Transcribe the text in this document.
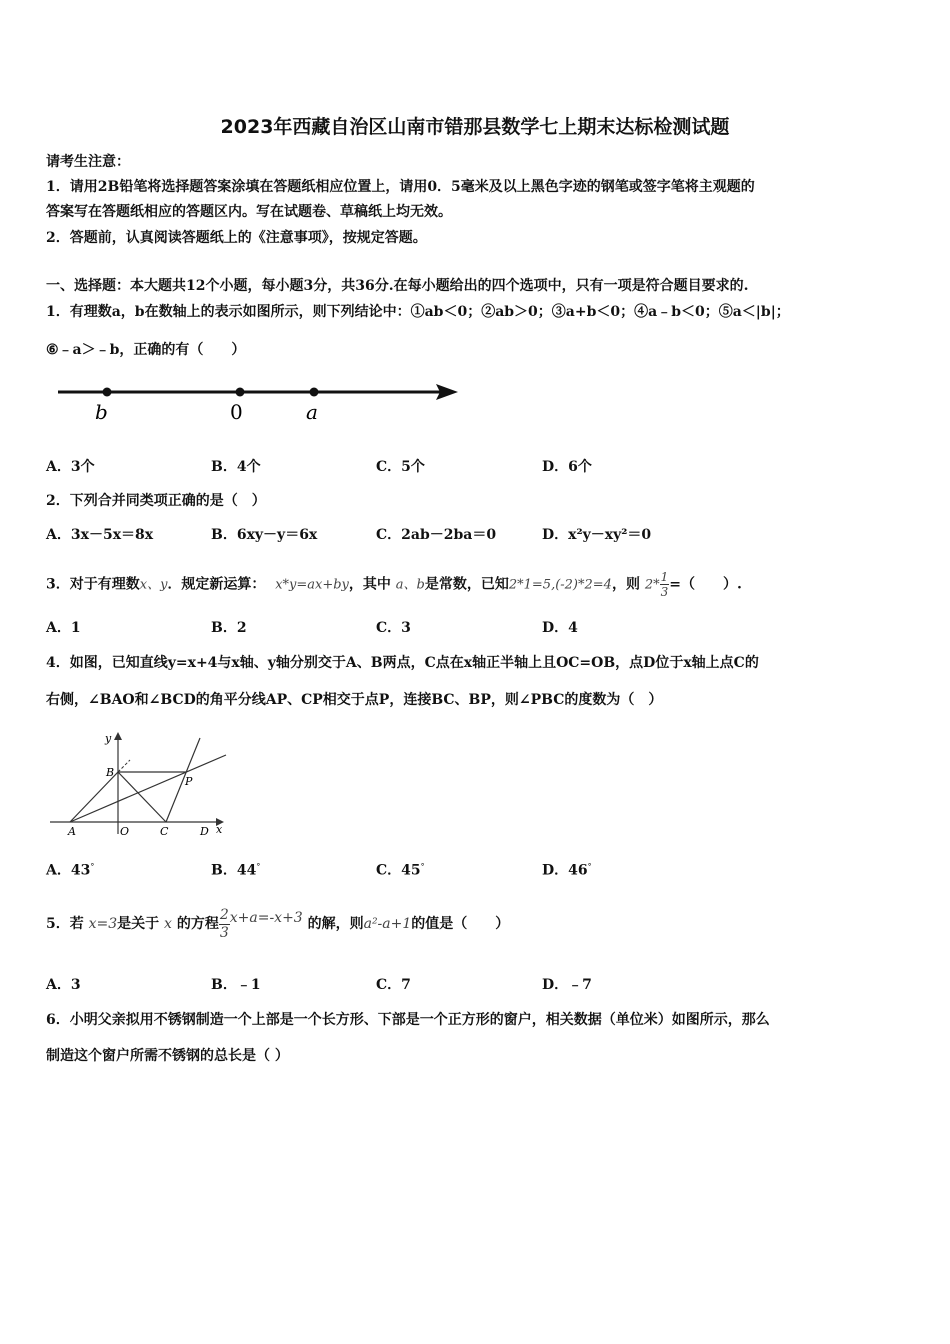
2023年西藏自治区山南市错那县数学七上期末达标检测试题
请考生注意：
1．请用2B铅笔将选择题答案涂填在答题纸相应位置上，请用0．5毫米及以上黑色字迹的钢笔或签字笔将主观题的
答案写在答题纸相应的答题区内。写在试题卷、草稿纸上均无效。
2．答题前，认真阅读答题纸上的《注意事项》，按规定答题。
一、选择题：本大题共12个小题，每小题3分，共36分.在每小题给出的四个选项中，只有一项是符合题目要求的.
1．有理数a，b在数轴上的表示如图所示，则下列结论中：①ab＜0；②ab＞0；③a+b＜0；④a﹣b＜0；⑤a＜|b|；
⑥﹣a＞﹣b，正确的有（　　）
b	0	a
A．3个	B．4个	C．5个	D．6个
2．下列合并同类项正确的是（　）
A．3x－5x＝8x	B．6xy－y＝6x	C．2ab－2ba＝0	D．x²y－xy²＝0
3．对于有理数x、y．规定新运算： x*y=ax+by，其中 a、b是常数，已知2*1=5,(-2)*2=4，则 $2* \frac{1}{3}$ =（　　）.
A．1	B．2	C．3	D．4
4．如图，已知直线y=x+4与x轴、y轴分别交于A、B两点，C点在x轴正半轴上且OC=OB，点D位于x轴上点C的
右侧，∠BAO和∠BCD的角平分线AP、CP相交于点P，连接BC、BP，则∠PBC的度数为（　）
y
B
P
A	O	C	D x
A．43°	B．44°	C．45°	D．46°
5．若 x=3是关于 x 的方程 $\frac{2}{3} x+a=-x+3$ 的解，则a²-a+1的值是（　　）
A．3	B．﹣1	C．7	D．﹣7
6．小明父亲拟用不锈钢制造一个上部是一个长方形、下部是一个正方形的窗户，相关数据（单位米）如图所示，那么
制造这个窗户所需不锈钢的总长是（ ）
